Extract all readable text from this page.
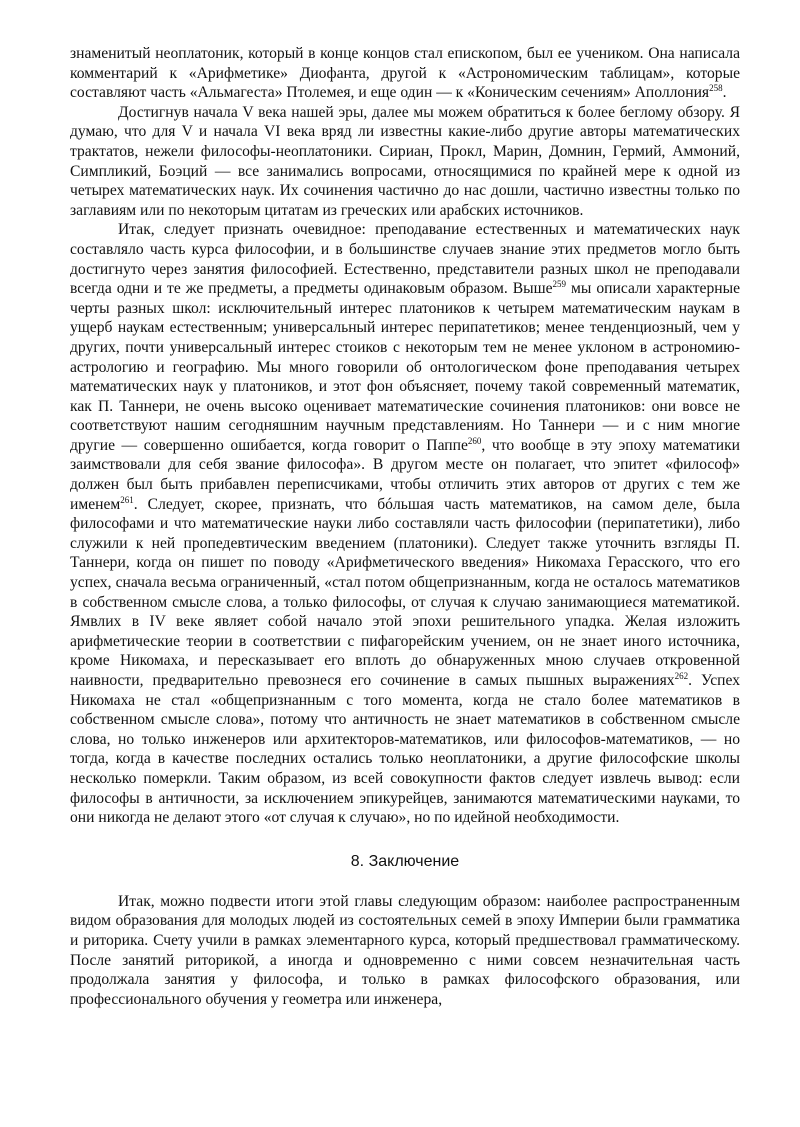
знаменитый неоплатоник, который в конце концов стал епископом, был ее учеником. Она написала комментарий к «Арифметике» Диофанта, другой к «Астрономическим таблицам», которые составляют часть «Альмагеста» Птолемея, и еще один — к «Коническим сечениям» Аполлония$^{258}$.

Достигнув начала V века нашей эры, далее мы можем обратиться к более беглому обзору. Я думаю, что для V и начала VI века вряд ли известны какие-либо другие авторы математических трактатов, нежели философы-неоплатоники. Сириан, Прокл, Марин, Домнин, Гермий, Аммоний, Симпликий, Боэций — все занимались вопросами, относящимися по крайней мере к одной из четырех математических наук. Их сочинения частично до нас дошли, частично известны только по заглавиям или по некоторым цитатам из греческих или арабских источников.

Итак, следует признать очевидное: преподавание естественных и математических наук составляло часть курса философии, и в большинстве случаев знание этих предметов могло быть достигнуто через занятия философией. Естественно, представители разных школ не преподавали всегда одни и те же предметы, а предметы одинаковым образом. Выше$^{259}$ мы описали характерные черты разных школ: исключительный интерес платоников к четырем математическим наукам в ущерб наукам естественным; универсальный интерес перипатетиков; менее тенденциозный, чем у других, почти универсальный интерес стоиков с некоторым тем не менее уклоном в астрономию-астрологию и географию. Мы много говорили об онтологическом фоне преподавания четырех математических наук у платоников, и этот фон объясняет, почему такой современный математик, как П. Таннери, не очень высоко оценивает математические сочинения платоников: они вовсе не соответствуют нашим сегодняшним научным представлениям. Но Таннери — и с ним многие другие — совершенно ошибается, когда говорит о Паппе$^{260}$, что вообще в эту эпоху математики заимствовали для себя звание философа». В другом месте он полагает, что эпитет «философ» должен был быть прибавлен переписчиками, чтобы отличить этих авторов от других с тем же именем$^{261}$. Следует, скорее, признать, что бóльшая часть математиков, на самом деле, была философами и что математические науки либо составляли часть философии (перипатетики), либо служили к ней пропедевтическим введением (платоники). Следует также уточнить взгляды П. Таннери, когда он пишет по поводу «Арифметического введения» Никомаха Герасского, что его успех, сначала весьма ограниченный, «стал потом общепризнанным, когда не осталось математиков в собственном смысле слова, а только философы, от случая к случаю занимающиеся математикой. Ямвлих в IV веке являет собой начало этой эпохи решительного упадка. Желая изложить арифметические теории в соответствии с пифагорейским учением, он не знает иного источника, кроме Никомаха, и пересказывает его вплоть до обнаруженных мною случаев откровенной наивности, предварительно превознеся его сочинение в самых пышных выражениях$^{262}$. Успех Никомаха не стал «общепризнанным с того момента, когда не стало более математиков в собственном смысле слова», потому что античность не знает математиков в собственном смысле слова, но только инженеров или архитекторов-математиков, или философов-математиков, — но тогда, когда в качестве последних остались только неоплатоники, а другие философские школы несколько померкли. Таким образом, из всей совокупности фактов следует извлечь вывод: если философы в античности, за исключением эпикурейцев, занимаются математическими науками, то они никогда не делают этого «от случая к случаю», но по идейной необходимости.

8. Заключение

Итак, можно подвести итоги этой главы следующим образом: наиболее распространенным видом образования для молодых людей из состоятельных семей в эпоху Империи были грамматика и риторика. Счету учили в рамках элементарного курса, который предшествовал грамматическому. После занятий риторикой, а иногда и одновременно с ними совсем незначительная часть продолжала занятия у философа, и только в рамках философского образования, или профессионального обучения у геометра или инженера,
